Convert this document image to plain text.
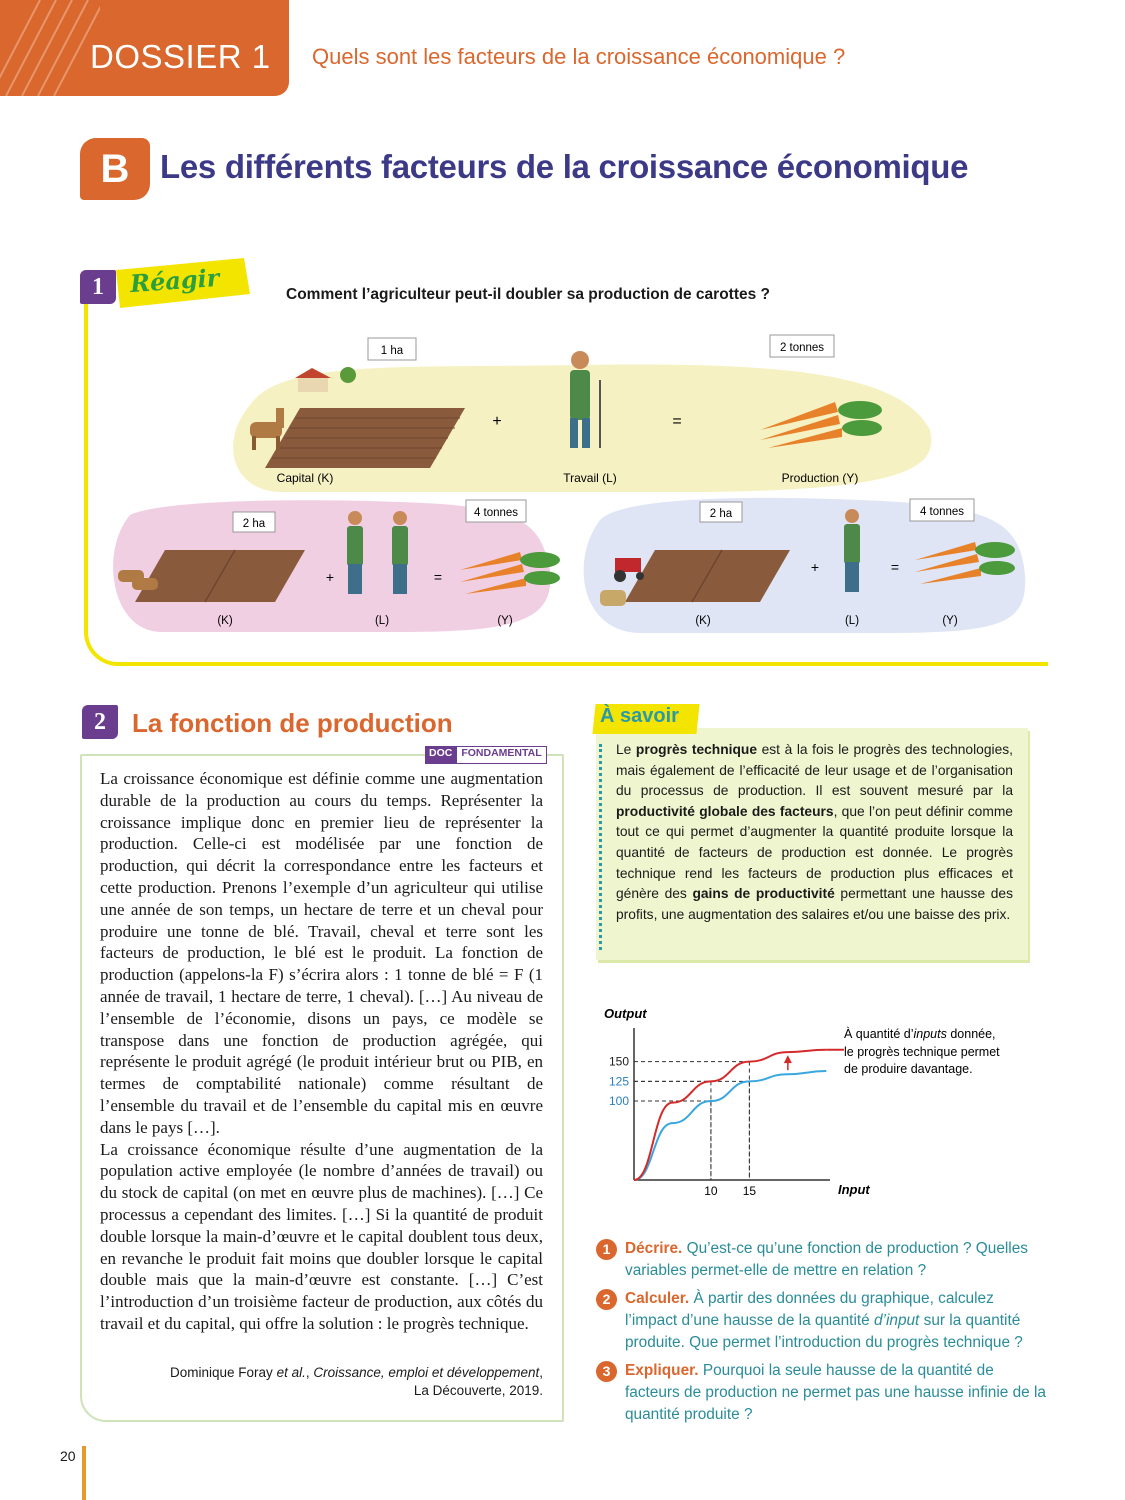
DOSSIER 1 Quels sont les facteurs de la croissance économique ?
B Les différents facteurs de la croissance économique
1	Réagir	Comment l’agriculteur peut-il doubler sa production de carottes ?
1 ha
+	=
2 tonnes
Capital (K)	Travail (L)	Production (Y)
2 ha
+	=
4 tonnes
(K)	(L)	(Y)
2 ha
+	=
4 tonnes
(K)	(L)	(Y)
2	La fonction de production
DOC FONDAMENTAL

La croissance économique est définie comme une augmentation durable de la production au cours du temps. Représenter la croissance implique donc en premier lieu de représenter la production. Celle-ci est modélisée par une fonction de production, qui décrit la correspondance entre les facteurs et cette production. Prenons l’exemple d’un agriculteur qui utilise une année de son temps, un hectare de terre et un cheval pour produire une tonne de blé. Travail, cheval et terre sont les facteurs de production, le blé est le produit. La fonction de production (appelons-la F) s’écrira alors : 1 tonne de blé = F (1 année de travail, 1 hectare de terre, 1 cheval). […] Au niveau de l’ensemble de l’économie, disons un pays, ce modèle se transpose dans une fonction de production agrégée, qui représente le produit agrégé (le produit intérieur brut ou PIB, en termes de comptabilité nationale) comme résultant de l’ensemble du travail et de l’ensemble du capital mis en œuvre dans le pays […].

La croissance économique résulte d’une augmentation de la population active employée (le nombre d’années de travail) ou du stock de capital (on met en œuvre plus de machines). […] Ce processus a cependant des limites. […] Si la quantité de produit double lorsque la main-d’œuvre et le capital doublent tous deux, en revanche le produit fait moins que doubler lorsque le capital double mais que la main-d’œuvre est constante. […] C’est l’introduction d’un troisième facteur de production, aux côtés du travail et du capital, qui offre la solution : le progrès technique.

Dominique Foray et al., Croissance, emploi et développement,
La Découverte, 2019.
À savoir
Le progrès technique est à la fois le progrès des technologies, mais également de l’efficacité de leur usage et de l’organisation du processus de production. Il est souvent mesuré par la productivité globale des facteurs, que l’on peut définir comme tout ce qui permet d’augmenter la quantité produite lorsque la quantité de facteurs de production est donnée. Le progrès technique rend les facteurs de production plus efficaces et génère des gains de productivité permettant une hausse des profits, une augmentation des salaires et/ou une baisse des prix.
Output
Input
100
125
150
10 15
À quantité d’inputs donnée,
le progrès technique permet
de produire davantage.
1 Décrire. Qu’est-ce qu’une fonction de production ? Quelles variables permet-elle de mettre en relation ?
2 Calculer. À partir des données du graphique, calculez l’impact d’une hausse de la quantité d’input sur la quantité produite. Que permet l’introduction du progrès technique ?
3 Expliquer. Pourquoi la seule hausse de la quantité de facteurs de production ne permet pas une hausse infinie de la quantité produite ?
20
